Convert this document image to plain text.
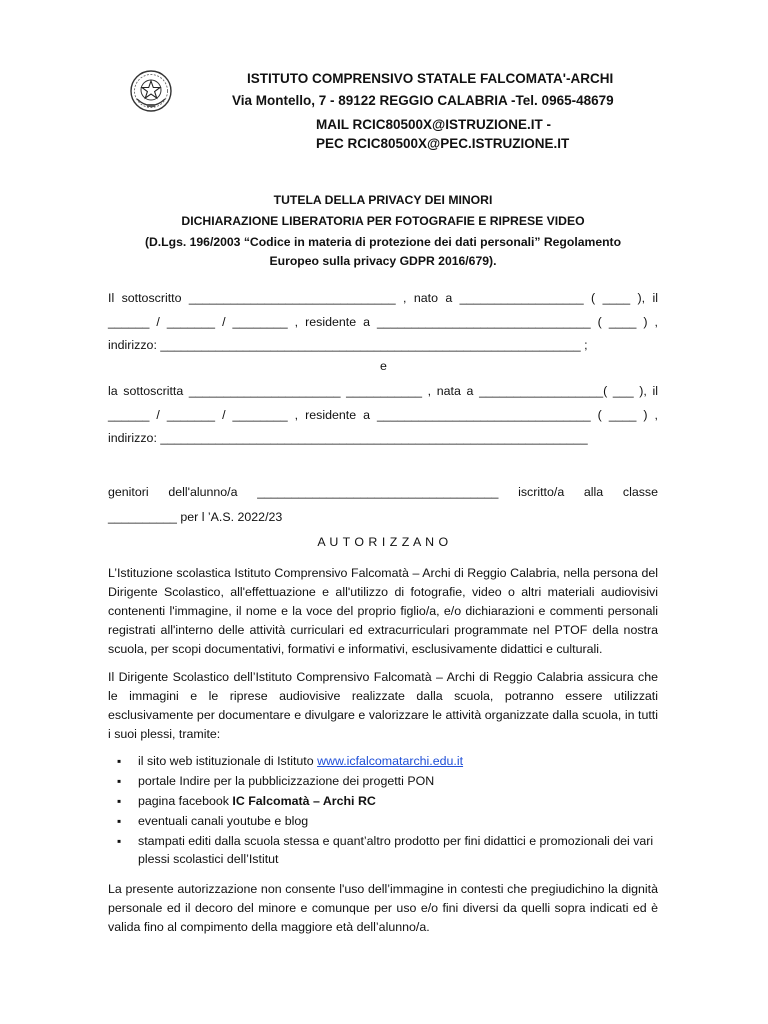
ISTITUTO COMPRENSIVO STATALE FALCOMATA'-ARCHI
Via Montello, 7 - 89122 REGGIO CALABRIA -Tel. 0965-48679
MAIL RCIC80500X@ISTRUZIONE.IT -
PEC RCIC80500X@PEC.ISTRUZIONE.IT
TUTELA DELLA PRIVACY DEI MINORI
DICHIARAZIONE LIBERATORIA PER FOTOGRAFIE E RIPRESE VIDEO
(D.Lgs. 196/2003 “Codice in materia di protezione dei dati personali” Regolamento
Europeo sulla privacy GDPR 2016/679).
Il sottoscritto ______________________________ , nato a __________________ ( ____ ), il
______ / _______ / ________ , residente a _______________________________ ( ____ ) ,
indirizzo: _____________________________________________________________ ;
e
la sottoscritta ______________________ ___________ , nata a __________________( ___ ), il
______ / _______ / ________ , residente a _______________________________ ( ____ ) ,
indirizzo: ______________________________________________________________
genitori dell'alunno/a ___________________________________ iscritto/a alla classe
__________ per l ’A.S. 2022/23
A U T O R I Z Z A N O
L’Istituzione scolastica Istituto Comprensivo Falcomatà – Archi di Reggio Calabria, nella persona del Dirigente Scolastico, all'effettuazione e all'utilizzo di fotografie, video o altri materiali audiovisivi contenenti l'immagine, il nome e la voce del proprio figlio/a, e/o dichiarazioni e commenti personali registrati all'interno delle attività curriculari ed extracurriculari programmate nel PTOF della nostra scuola, per scopi documentativi, formativi e informativi, esclusivamente didattici e culturali.
Il Dirigente Scolastico dell’Istituto Comprensivo Falcomatà – Archi di Reggio Calabria assicura che le immagini e le riprese audiovisive realizzate dalla scuola, potranno essere utilizzati esclusivamente per documentare e divulgare e valorizzare le attività organizzate dalla scuola, in tutti i suoi plessi, tramite:
▪ il sito web istituzionale di Istituto www.icfalcomatarchi.edu.it
▪ portale Indire per la pubblicizzazione dei progetti PON
▪ pagina facebook IC Falcomatà – Archi RC
▪ eventuali canali youtube e blog
▪ stampati editi dalla scuola stessa e quant’altro prodotto per fini didattici e promozionali dei vari plessi scolastici dell’Istitut
La presente autorizzazione non consente l'uso dell’immagine in contesti che pregiudichino la dignità personale ed il decoro del minore e comunque per uso e/o fini diversi da quelli sopra indicati ed è valida fino al compimento della maggiore età dell’alunno/a.
